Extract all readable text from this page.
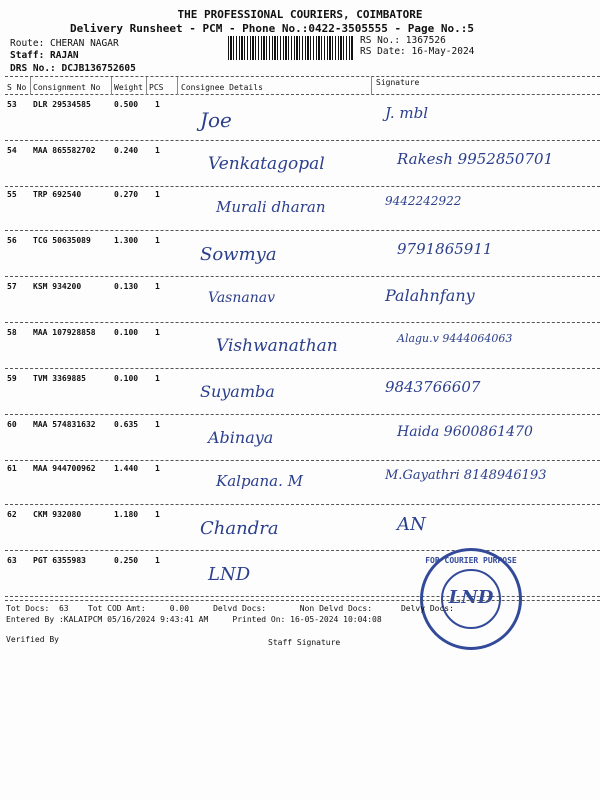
THE PROFESSIONAL COURIERS, COIMBATORE
Delivery Runsheet - PCM - Phone No.:0422-3505555 - Page No.:5
Route: CHERAN NAGAR
Staff: RAJAN
DRS No.: DCJB136752605
RS No.: 1367526
RS Date: 16-May-2024
S No Consignment No Weight PCS Consignee Details
Signature
53 DLR 29534585	0.500 1
Joe	J. mbl
54 MAA 865582702 0.240 1
Venkatagopal	Rakesh 9952850701
55 TRP 692540	0.270 1
Murali dharan	9442242922
56 TCG 50635089	1.300 1
Sowmya	9791865911
57 KSM 934200	0.130 1
Vasnanav	Palahnfany
58 MAA 107928858 0.100 1
Vishwanathan	Alagu.v 9444064063
59 TVM 3369885	0.100 1
Suyamba	9843766607
60 MAA 574831632 0.635 1
Abinaya	Haida 9600861470
61 MAA 944700962 1.440 1
Kalpana. M	M.Gayathri 8148946193
62 CKM 932080	1.180 1
Chandra	AN
63 PGT 6355983	0.250 1
LND
FOR COURIER PURPOSE
LND
Tot Docs:  63    Tot COD Amt:     0.00     Delvd Docs:       Non Delvd Docs:      Delvy Docs:
Entered By :KALAIPCM 05/16/2024 9:43:41 AM     Printed On: 16-05-2024 10:04:08
Verified By	Staff Signature
